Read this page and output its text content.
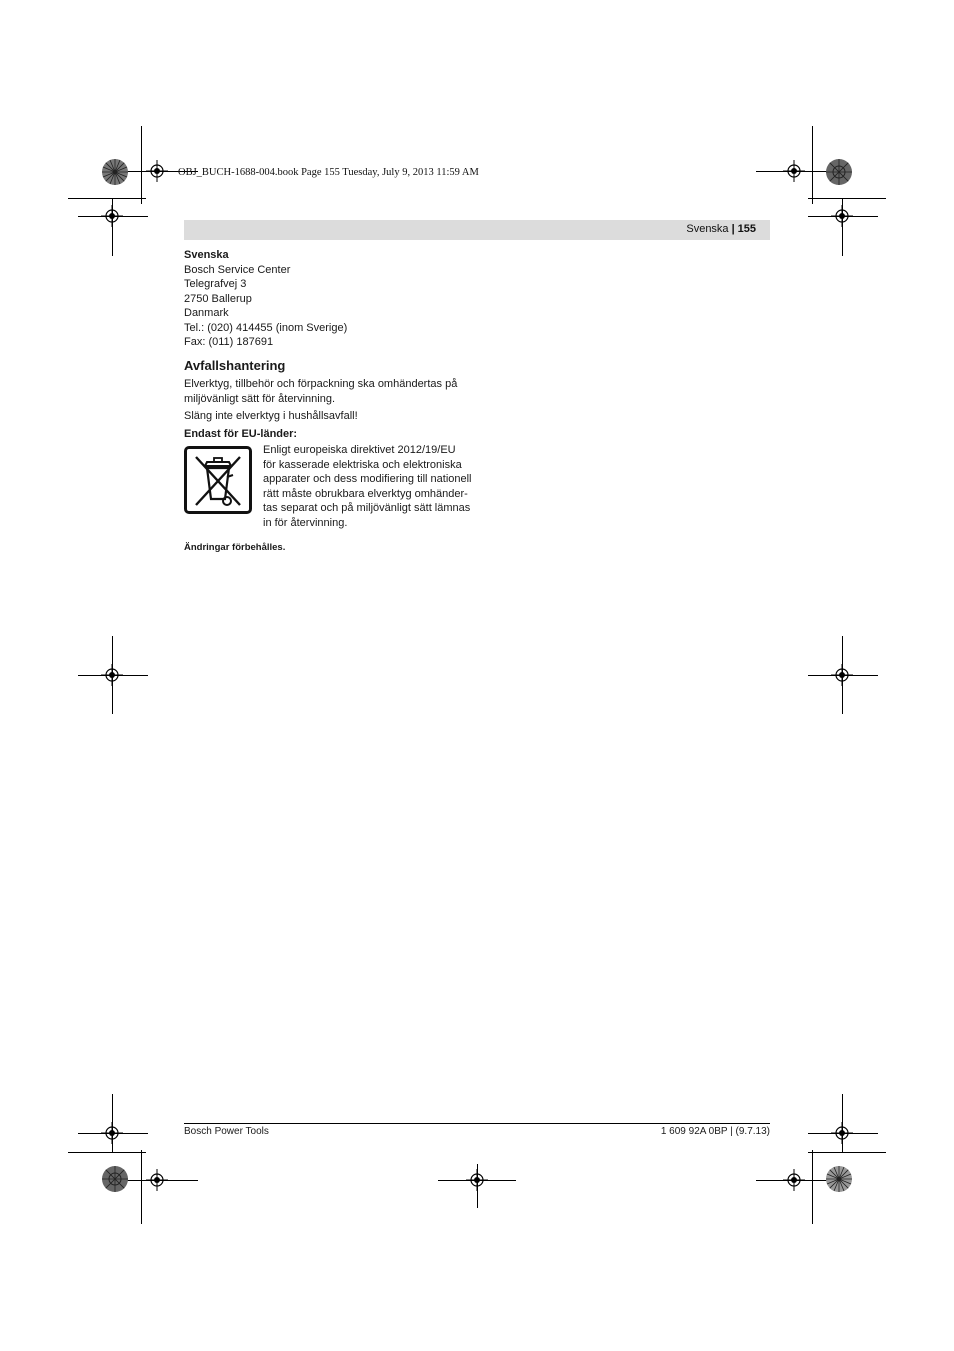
OBJ_BUCH-1688-004.book Page 155 Tuesday, July 9, 2013 11:59 AM
Svenska | 155
Svenska
Bosch Service Center
Telegrafvej 3
2750 Ballerup
Danmark
Tel.: (020) 414455 (inom Sverige)
Fax: (011) 187691
Avfallshantering
Elverktyg, tillbehör och förpackning ska omhändertas på
miljövänligt sätt för återvinning.
Släng inte elverktyg i hushållsavfall!
Endast för EU-länder:
Enligt europeiska direktivet 2012/19/EU
för kasserade elektriska och elektroniska
apparater och dess modifiering till nationell
rätt måste obrukbara elverktyg omhänder-
tas separat och på miljövänligt sätt lämnas
in för återvinning.
Ändringar förbehålles.
Bosch Power Tools	1 609 92A 0BP | (9.7.13)
